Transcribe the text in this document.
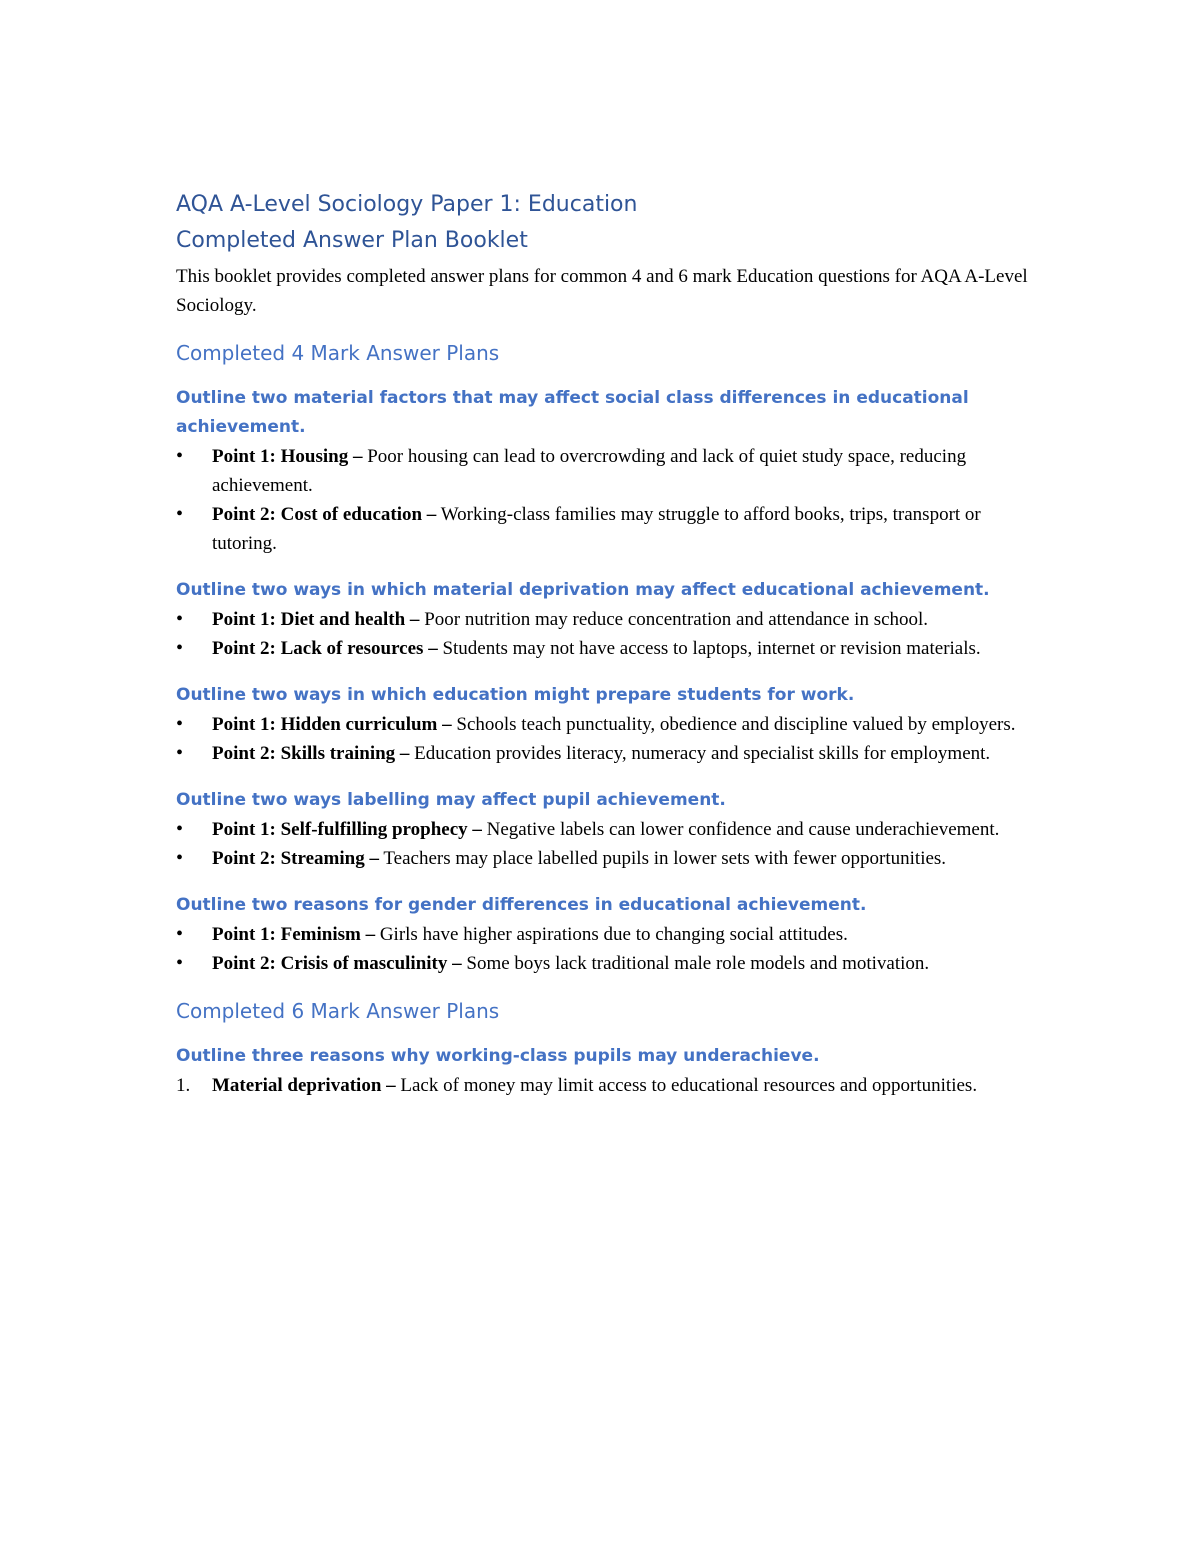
AQA A-Level Sociology Paper 1: Education
Completed Answer Plan Booklet

This booklet provides completed answer plans for common 4 and 6 mark Education questions for AQA A-Level Sociology.

Completed 4 Mark Answer Plans

Outline two material factors that may affect social class differences in educational achievement.

• Point 1: Housing – Poor housing can lead to overcrowding and lack of quiet study space, reducing achievement.
• Point 2: Cost of education – Working-class families may struggle to afford books, trips, transport or tutoring.

Outline two ways in which material deprivation may affect educational achievement.

• Point 1: Diet and health – Poor nutrition may reduce concentration and attendance in school.
• Point 2: Lack of resources – Students may not have access to laptops, internet or revision materials.

Outline two ways in which education might prepare students for work.

• Point 1: Hidden curriculum – Schools teach punctuality, obedience and discipline valued by employers.
• Point 2: Skills training – Education provides literacy, numeracy and specialist skills for employment.

Outline two ways labelling may affect pupil achievement.

• Point 1: Self-fulfilling prophecy – Negative labels can lower confidence and cause underachievement.
• Point 2: Streaming – Teachers may place labelled pupils in lower sets with fewer opportunities.

Outline two reasons for gender differences in educational achievement.

• Point 1: Feminism – Girls have higher aspirations due to changing social attitudes.
• Point 2: Crisis of masculinity – Some boys lack traditional male role models and motivation.
Completed 6 Mark Answer Plans

Outline three reasons why working-class pupils may underachieve.

1. Material deprivation – Lack of money may limit access to educational resources and opportunities.
